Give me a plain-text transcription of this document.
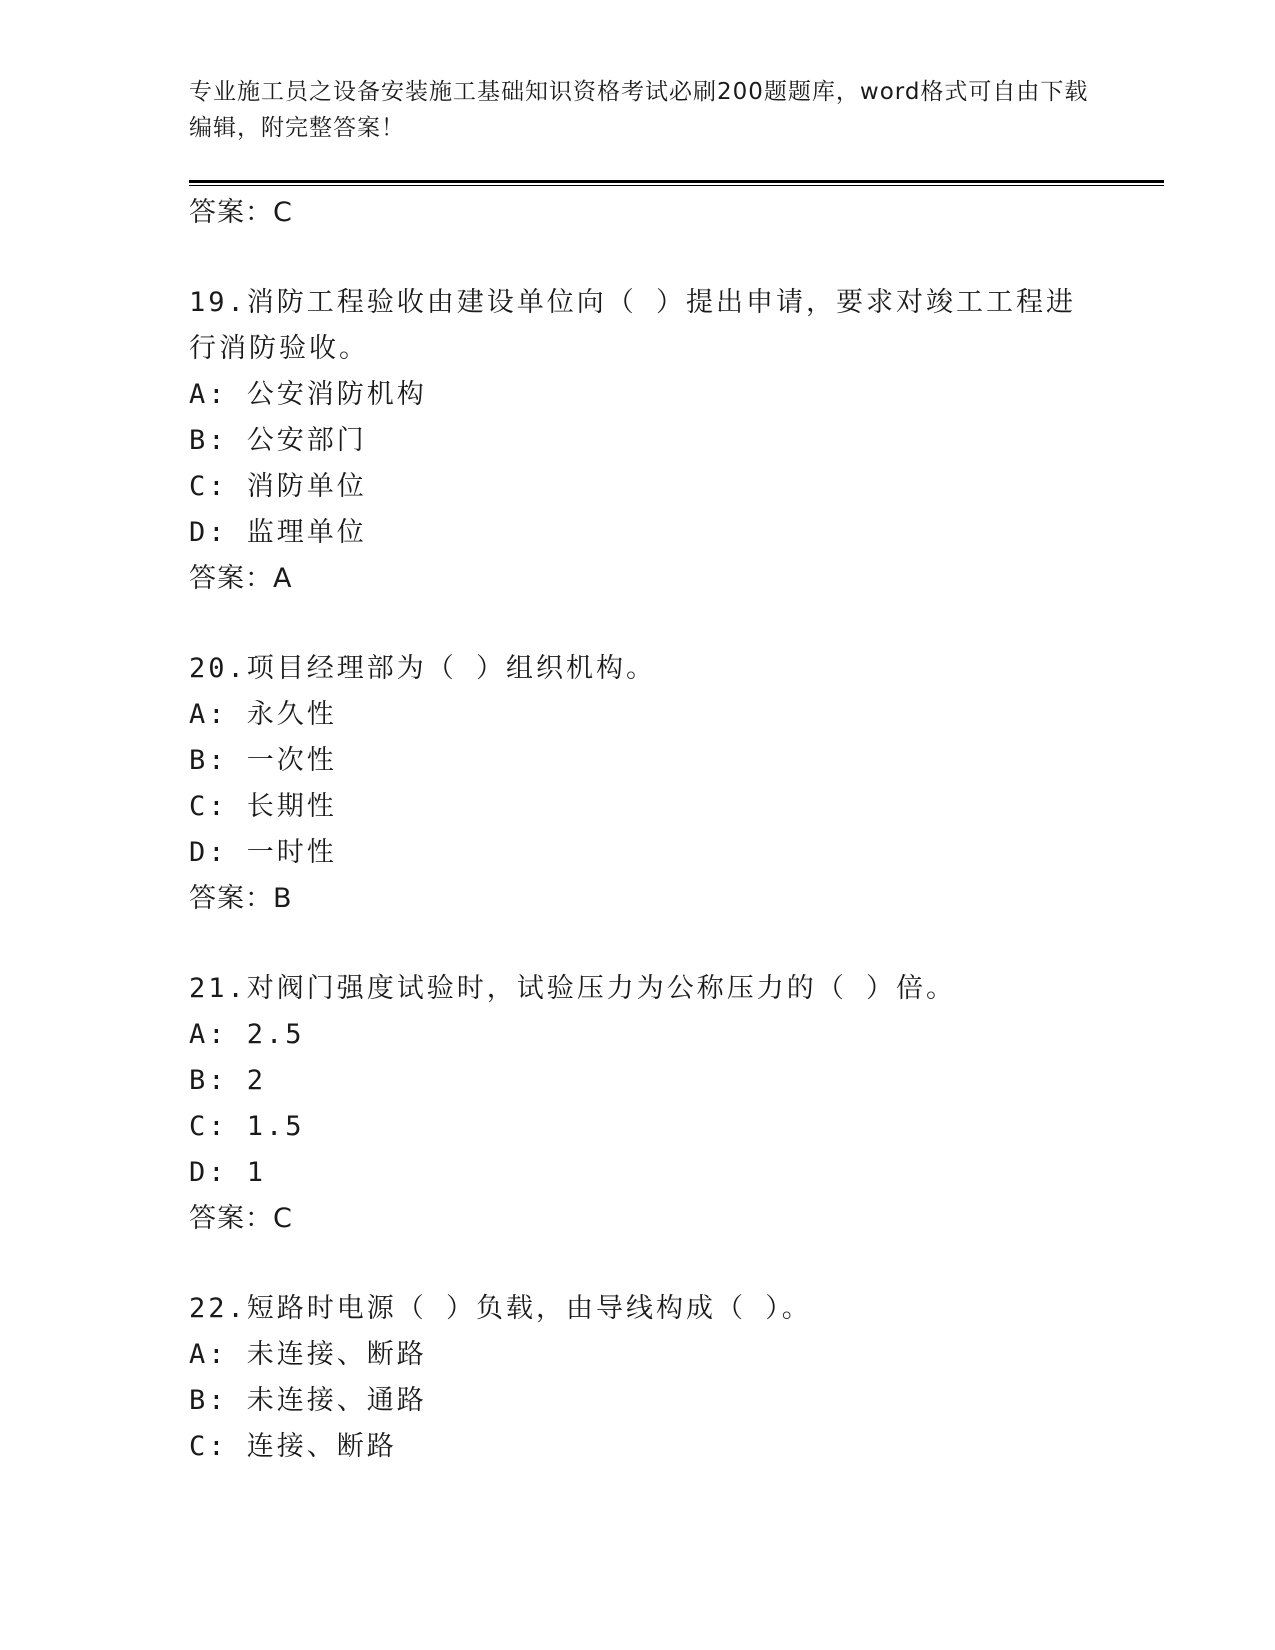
专业施工员之设备安装施工基础知识资格考试必刷200题题库，word格式可自由下载编辑，附完整答案！
答案：C
19.消防工程验收由建设单位向（ ）提出申请，要求对竣工工程进行消防验收。
A: 公安消防机构
B: 公安部门
C: 消防单位
D: 监理单位
答案：A
20.项目经理部为（ ）组织机构。
A: 永久性
B: 一次性
C: 长期性
D: 一时性
答案：B
21.对阀门强度试验时，试验压力为公称压力的（ ）倍。
A: 2.5
B: 2
C: 1.5
D: 1
答案：C
22.短路时电源（ ）负载，由导线构成（ ）。
A: 未连接、断路
B: 未连接、通路
C: 连接、断路
